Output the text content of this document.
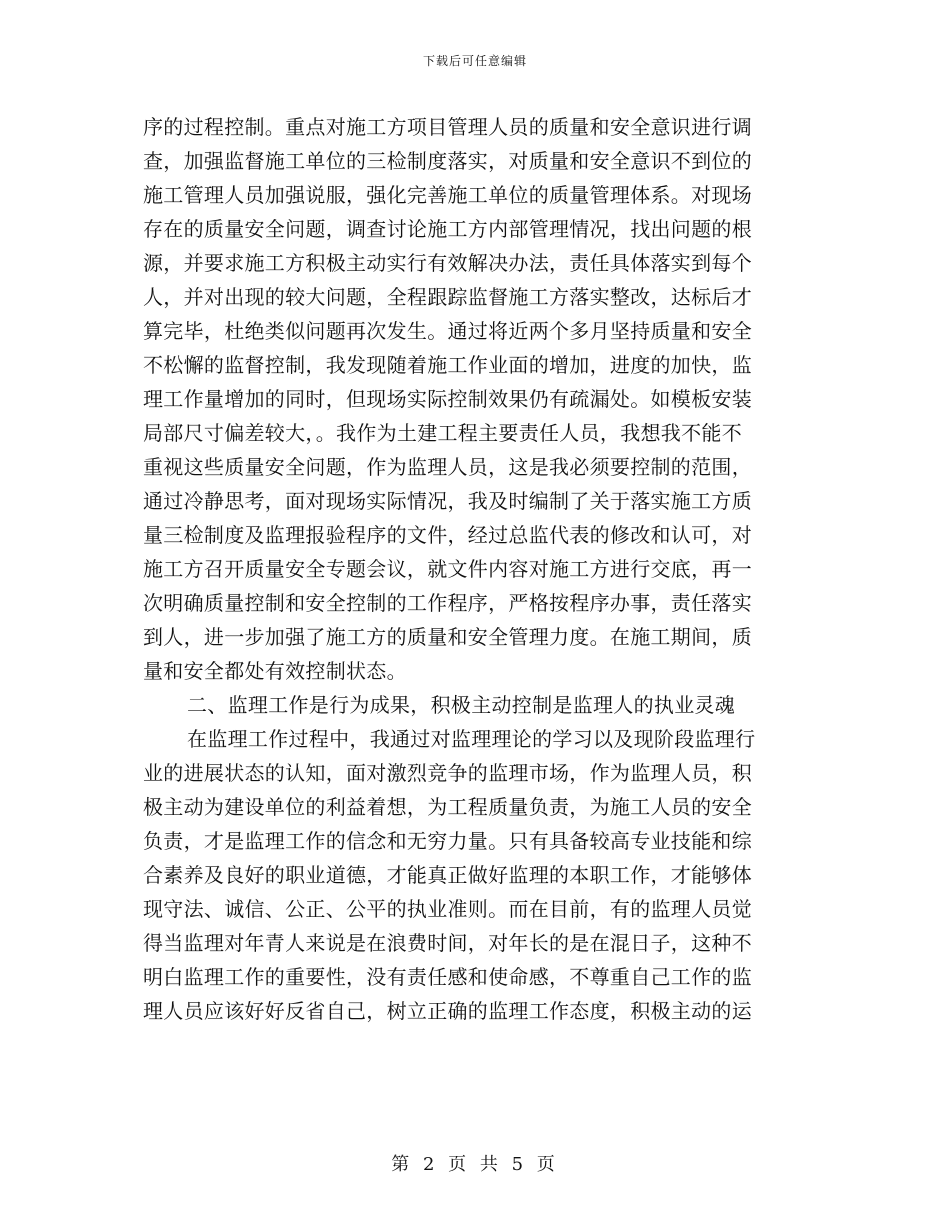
下载后可任意编辑
序的过程控制。重点对施工方项目管理人员的质量和安全意识进行调
查，加强监督施工单位的三检制度落实，对质量和安全意识不到位的
施工管理人员加强说服，强化完善施工单位的质量管理体系。对现场
存在的质量安全问题，调查讨论施工方内部管理情况，找出问题的根
源，并要求施工方积极主动实行有效解决办法，责任具体落实到每个
人，并对出现的较大问题，全程跟踪监督施工方落实整改，达标后才
算完毕，杜绝类似问题再次发生。通过将近两个多月坚持质量和安全
不松懈的监督控制，我发现随着施工作业面的增加，进度的加快，监
理工作量增加的同时，但现场实际控制效果仍有疏漏处。如模板安装
局部尺寸偏差较大，。我作为土建工程主要责任人员，我想我不能不
重视这些质量安全问题，作为监理人员，这是我必须要控制的范围，
通过冷静思考，面对现场实际情况，我及时编制了关于落实施工方质
量三检制度及监理报验程序的文件，经过总监代表的修改和认可，对
施工方召开质量安全专题会议，就文件内容对施工方进行交底，再一
次明确质量控制和安全控制的工作程序，严格按程序办事，责任落实
到人，进一步加强了施工方的质量和安全管理力度。在施工期间，质
量和安全都处有效控制状态。
二、监理工作是行为成果，积极主动控制是监理人的执业灵魂
在监理工作过程中，我通过对监理理论的学习以及现阶段监理行
业的进展状态的认知，面对激烈竞争的监理市场，作为监理人员，积
极主动为建设单位的利益着想，为工程质量负责，为施工人员的安全
负责，才是监理工作的信念和无穷力量。只有具备较高专业技能和综
合素养及良好的职业道德，才能真正做好监理的本职工作，才能够体
现守法、诚信、公正、公平的执业准则。而在目前，有的监理人员觉
得当监理对年青人来说是在浪费时间，对年长的是在混日子，这种不
明白监理工作的重要性，没有责任感和使命感，不尊重自己工作的监
理人员应该好好反省自己，树立正确的监理工作态度，积极主动的运
第 2 页 共 5 页
